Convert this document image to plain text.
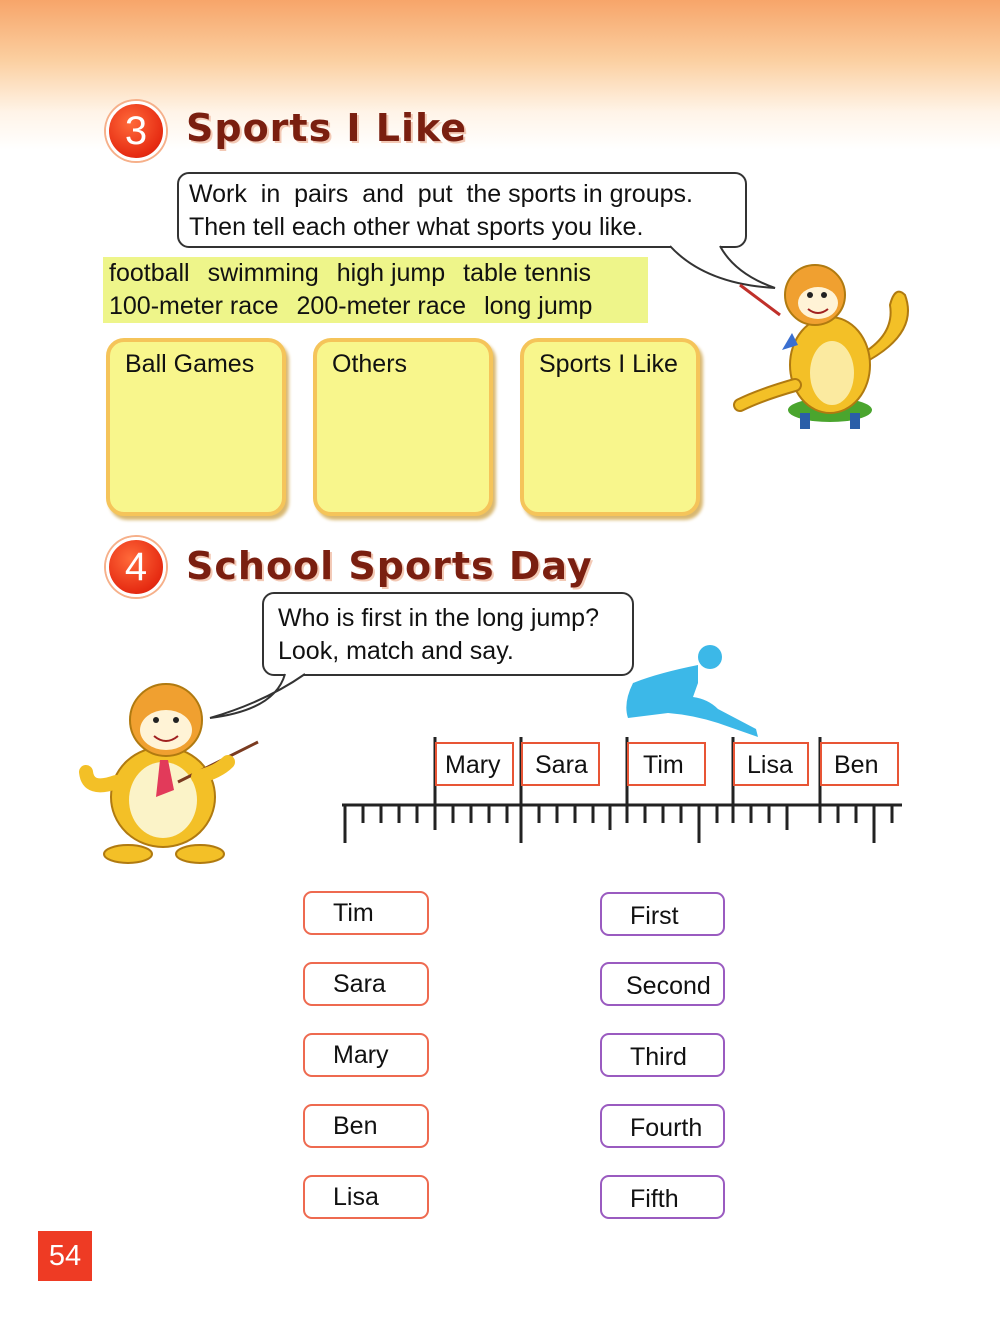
3	Sports I Like
Work  in  pairs  and  put  the sports in groups.
Then tell each other what sports you like.
football swimming high jump table tennis
100-meter race 200-meter race long jump
Ball Games	Others	Sports I Like
4	School Sports Day
Who is first in the long jump?
Look, match and say.
Mary	Sara	Tim	Lisa	Ben
Tim
Sara
Mary
Ben
Lisa
First
Second
Third
Fourth
Fifth
54
